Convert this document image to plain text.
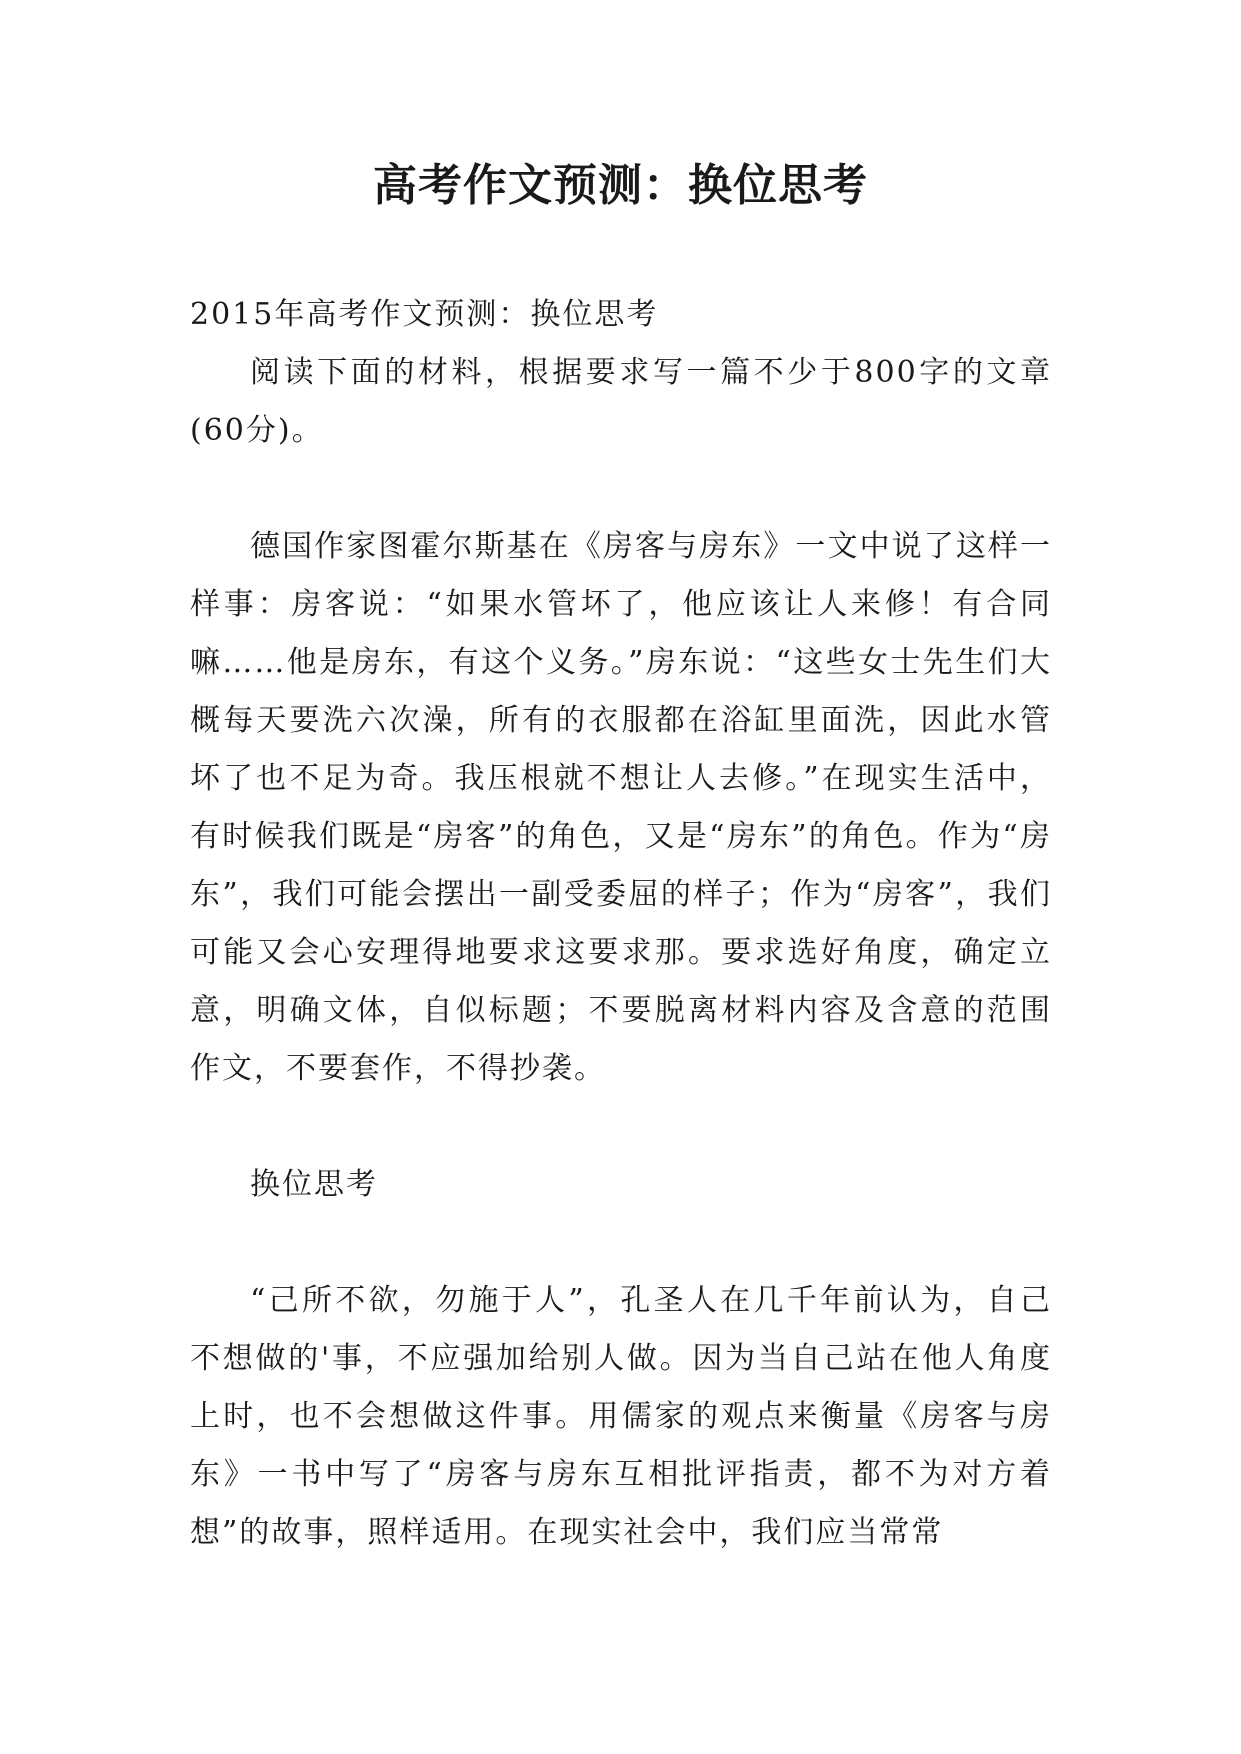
高考作文预测：换位思考

2015年高考作文预测：换位思考

阅读下面的材料，根据要求写一篇不少于800字的文章(60分)。

德国作家图霍尔斯基在《房客与房东》一文中说了这样一样事：房客说：“如果水管坏了，他应该让人来修！有合同嘛……他是房东，有这个义务。”房东说：“这些女士先生们大概每天要洗六次澡，所有的衣服都在浴缸里面洗，因此水管坏了也不足为奇。我压根就不想让人去修。”在现实生活中，有时候我们既是“房客”的角色，又是“房东”的角色。作为“房东”，我们可能会摆出一副受委屈的样子；作为“房客”，我们可能又会心安理得地要求这要求那。要求选好角度，确定立意，明确文体，自似标题；不要脱离材料内容及含意的范围作文，不要套作，不得抄袭。

换位思考

“己所不欲，勿施于人”，孔圣人在几千年前认为，自己不想做的'事，不应强加给别人做。因为当自己站在他人角度上时，也不会想做这件事。用儒家的观点来衡量《房客与房东》一书中写了“房客与房东互相批评指责，都不为对方着想”的故事，照样适用。在现实社会中，我们应当常常
